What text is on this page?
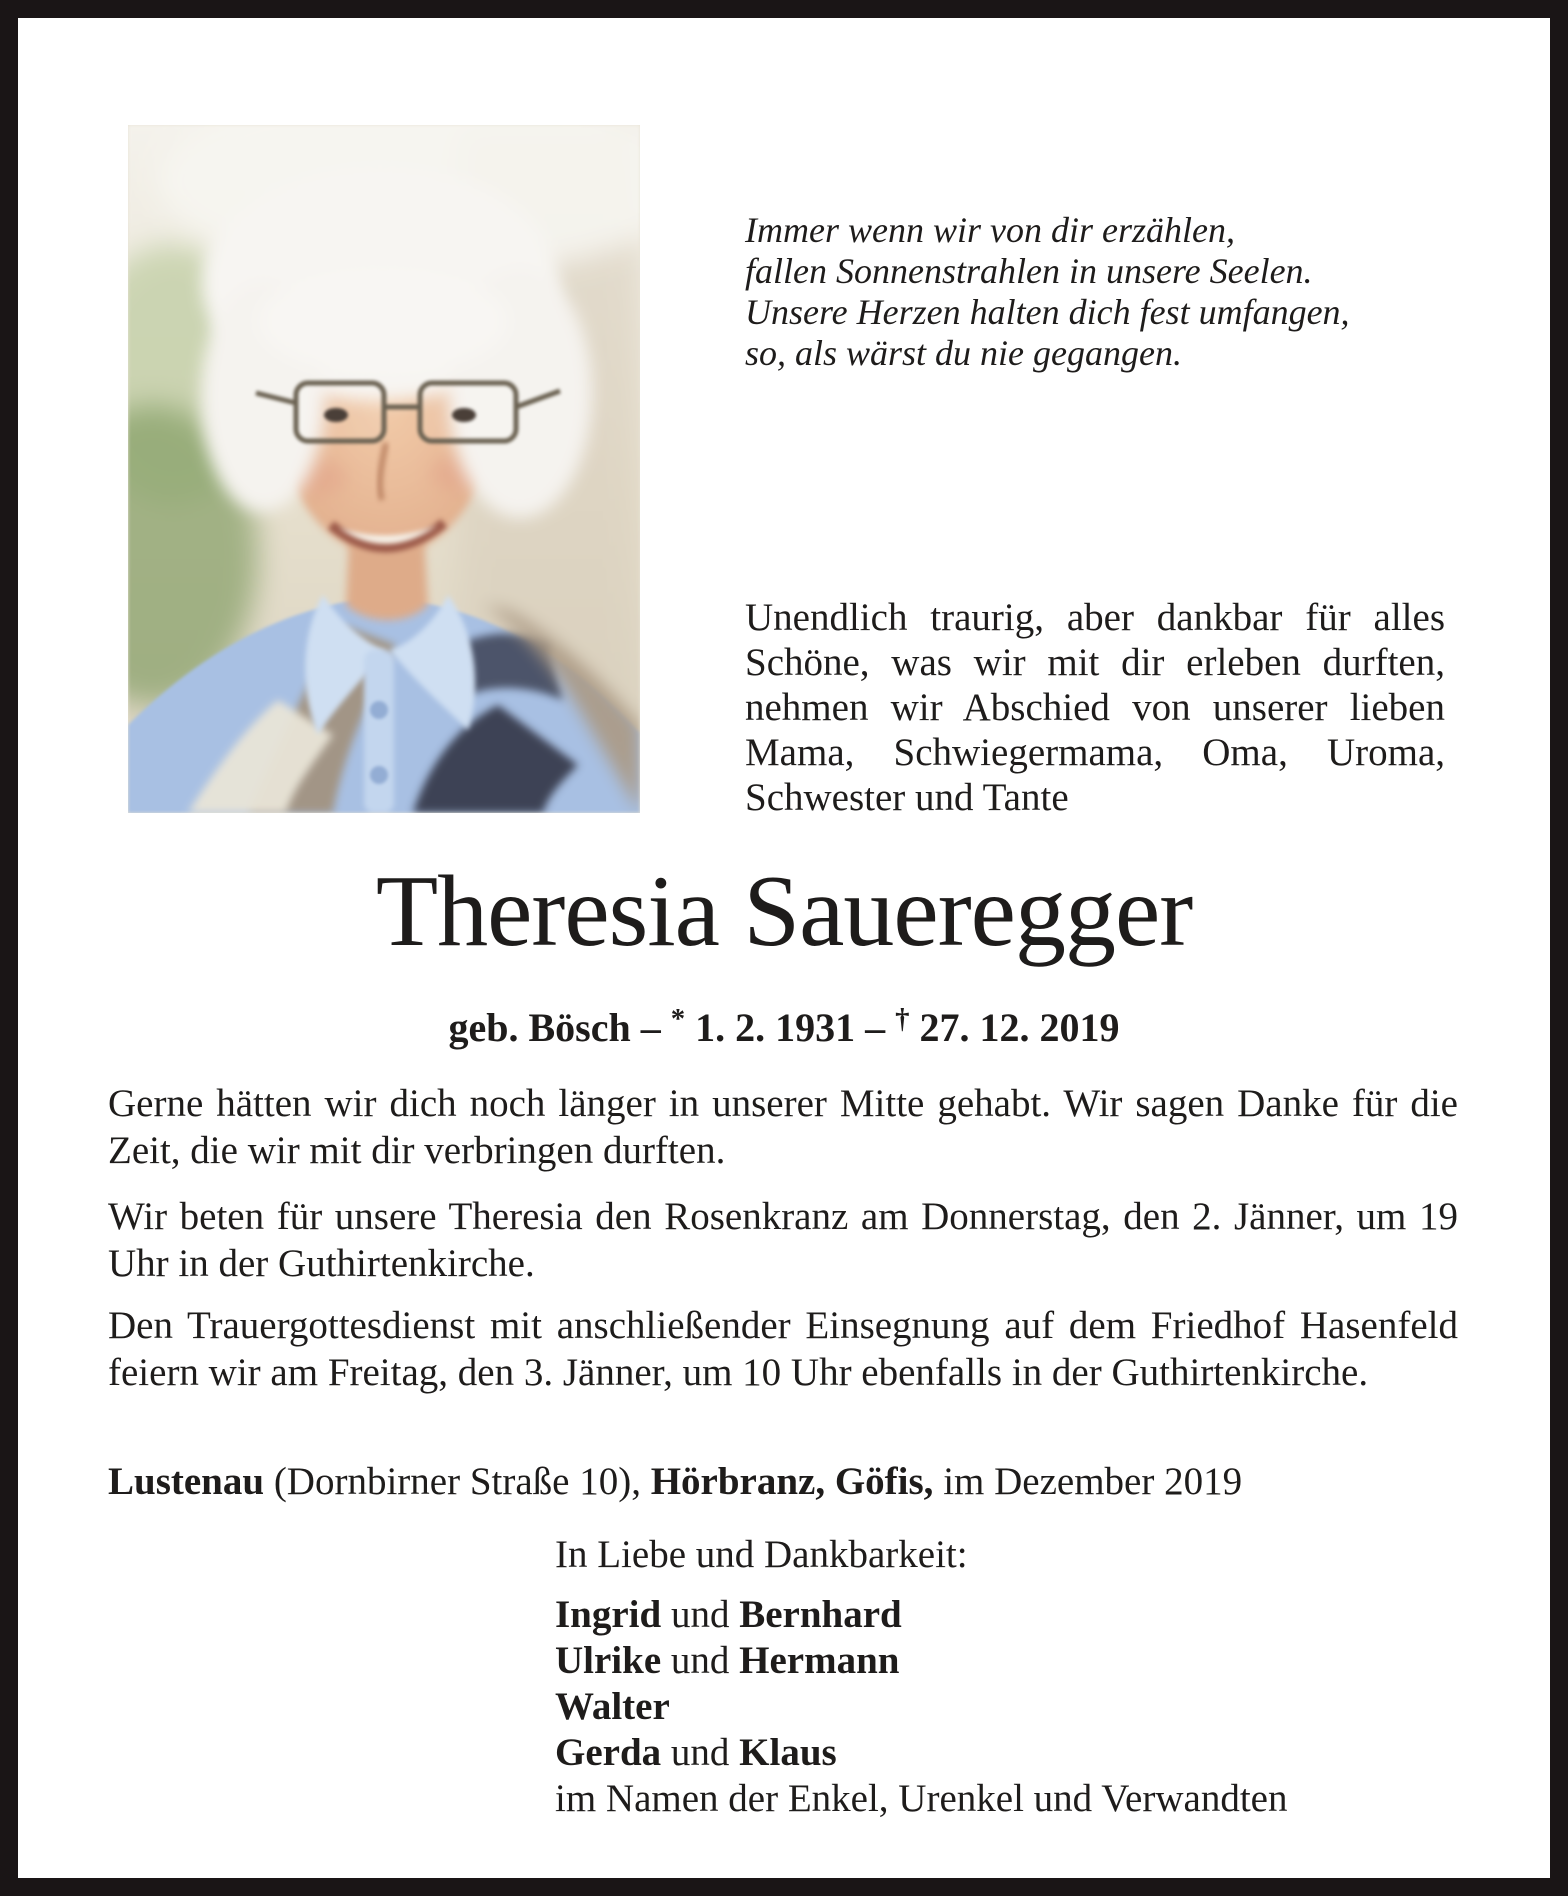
Immer wenn wir von dir erzählen,
fallen Sonnenstrahlen in unsere Seelen.
Unsere Herzen halten dich fest umfangen,
so, als wärst du nie gegangen.
Unendlich traurig, aber dankbar für alles Schöne, was wir mit dir erleben durften, nehmen wir Abschied von unserer lieben Mama, Schwiegermama, Oma, Uroma, Schwester und Tante
Theresia Saueregger
geb. Bösch – * 1. 2. 1931 – † 27. 12. 2019

Gerne hätten wir dich noch länger in unserer Mitte gehabt. Wir sagen Danke für die Zeit, die wir mit dir verbringen durften.

Wir beten für unsere Theresia den Rosenkranz am Donnerstag, den 2. Jänner, um 19 Uhr in der Guthirtenkirche.

Den Trauergottesdienst mit anschließender Einsegnung auf dem Friedhof Hasenfeld feiern wir am Freitag, den 3. Jänner, um 10 Uhr ebenfalls in der Guthirtenkirche.

Lustenau (Dornbirner Straße 10), Hörbranz, Göfis, im Dezember 2019
In Liebe und Dankbarkeit:
Ingrid und Bernhard
Ulrike und Hermann
Walter
Gerda und Klaus
im Namen der Enkel, Urenkel und Verwandten
